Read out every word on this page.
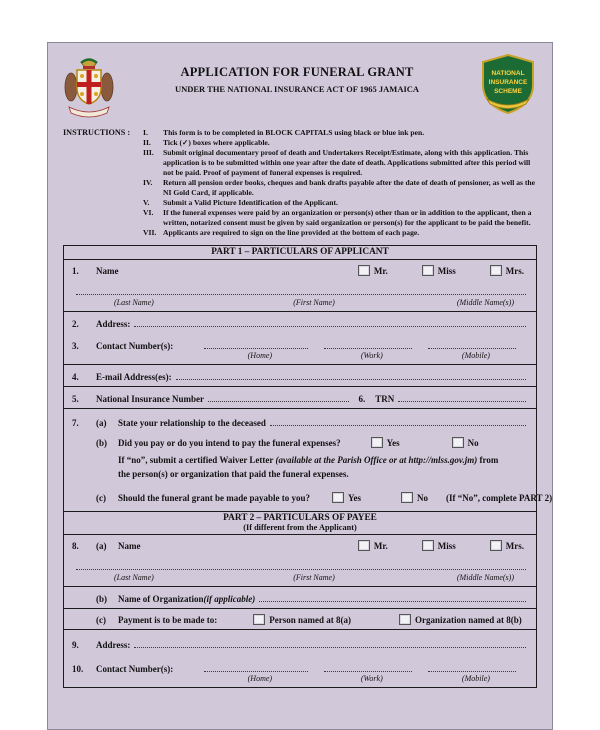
APPLICATION FOR FUNERAL GRANT
UNDER THE NATIONAL INSURANCE ACT OF 1965 JAMAICA
NATIONAL
INSURANCE
SCHEME
INSTRUCTIONS :	I.	This form is to be completed in BLOCK CAPITALS using black or blue ink pen.
II.	Tick (✓) boxes where applicable.
III.	Submit original documentary proof of death and Undertakers Receipt/Estimate, along with this application. This application is to be submitted within one year after the date of death. Applications submitted after this period will not be paid. Proof of payment of funeral expenses is required.
IV.	Return all pension order books, cheques and bank drafts payable after the date of death of pensioner, as well as the NI Gold Card, if applicable.
V.	Submit a Valid Picture Identification of the Applicant.
VI.	If the funeral expenses were paid by an organization or person(s) other than or in addition to the applicant, then a written, notarized consent must be given by said organization or person(s) for the applicant to be paid the benefit.
VII. Applicants are required to sign on the line provided at the bottom of each page.
PART 1 – PARTICULARS OF APPLICANT
1.	Name	Mr.	Miss	Mrs.
(Last Name)	(First Name)	(Middle Name(s))
2.	Address:
3.	Contact Number(s):
(Home)	(Work)	(Mobile)
4.	E-mail Address(es):
5.	National Insurance Number	6. TRN
7.	(a)	State your relationship to the deceased
(b)	Did you pay or do you intend to pay the funeral expenses?	Yes	No
If “no”, submit a certified Waiver Letter (available at the Parish Office or at http://mlss.gov.jm) from the person(s) or organization that paid the funeral expenses.
(c)	Should the funeral grant be made payable to you?	Yes	No (If “No”, complete PART 2)
PART 2 – PARTICULARS OF PAYEE
(If different from the Applicant)
8.	(a)	Name	Mr.	Miss	Mrs.
(Last Name)	(First Name)	(Middle Name(s))
(b)	Name of Organization (if applicable)
(c)	Payment is to be made to:	Person named at 8(a)	Organization named at 8(b)
9.	Address:
10.	Contact Number(s):
(Home)	(Work)	(Mobile)
